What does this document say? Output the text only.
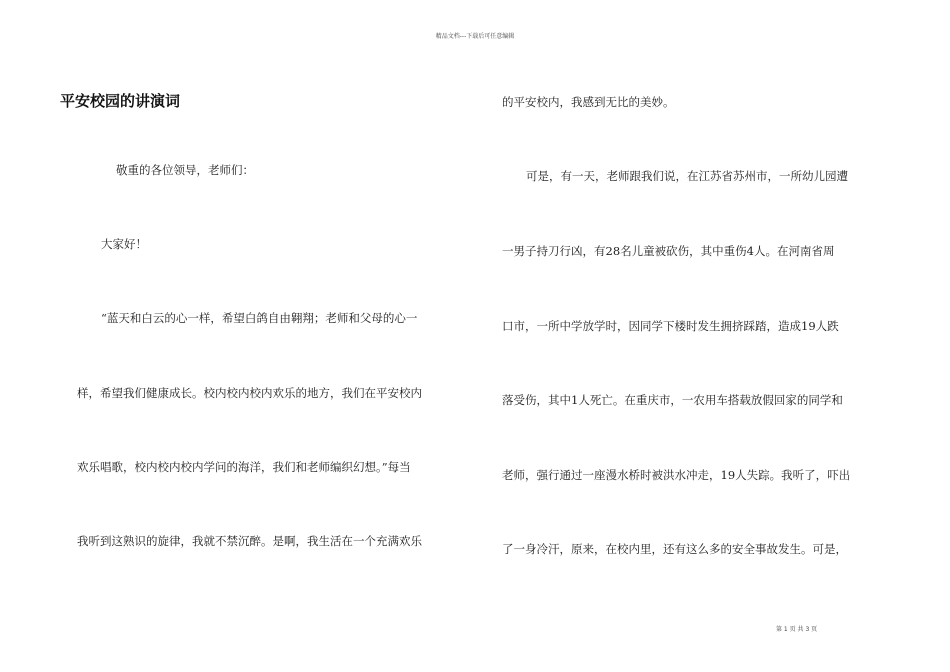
精品文档---下载后可任意编辑
平安校园的讲演词
敬重的各位领导，老师们：
大家好！
“蓝天和白云的心一样，希望白鸽自由翱翔；老师和父母的心一
样，希望我们健康成长。校内校内校内欢乐的地方，我们在平安校内
欢乐唱歌，校内校内校内学问的海洋，我们和老师编织幻想。”每当
我听到这熟识的旋律，我就不禁沉醉。是啊，我生活在一个充满欢乐
的平安校内，我感到无比的美妙。
可是，有一天，老师跟我们说，在江苏省苏州市，一所幼儿园遭
一男子持刀行凶，有28名儿童被砍伤，其中重伤4人。在河南省周
口市，一所中学放学时，因同学下楼时发生拥挤踩踏，造成19人跌
落受伤，其中1人死亡。在重庆市，一农用车搭载放假回家的同学和
老师，强行通过一座漫水桥时被洪水冲走，19人失踪。我听了，吓出
了一身冷汗，原来，在校内里，还有这么多的安全事故发生。可是，
第 1 页 共 3 页
